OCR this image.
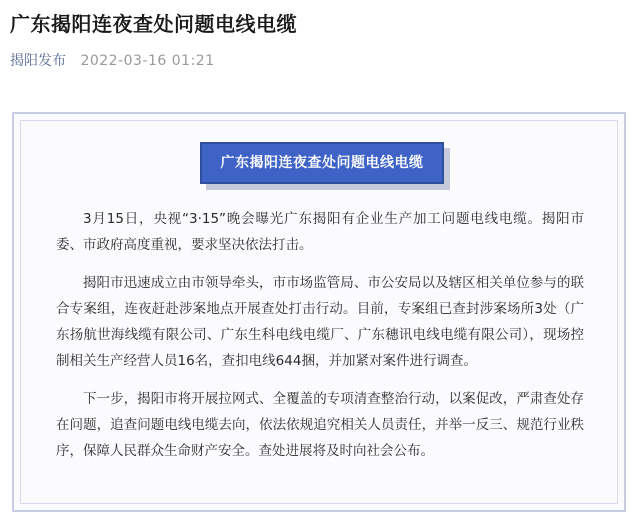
广东揭阳连夜查处问题电线电缆
揭阳发布 2022-03-16 01:21
广东揭阳连夜查处问题电线电缆

3月15日，央视“3·15”晚会曝光广东揭阳有企业生产加工问题电线电缆。揭阳市委、市政府高度重视，要求坚决依法打击。

揭阳市迅速成立由市领导牵头，市市场监管局、市公安局以及辖区相关单位参与的联合专案组，连夜赶赴涉案地点开展查处打击行动。目前，专案组已查封涉案场所3处（广东扬航世海线缆有限公司、广东生科电线电缆厂、广东穗讯电线电缆有限公司），现场控制相关生产经营人员16名，查扣电线644捆，并加紧对案件进行调查。

下一步，揭阳市将开展拉网式、全覆盖的专项清查整治行动，以案促改，严肃查处存在问题，追查问题电线电缆去向，依法依规追究相关人员责任，并举一反三、规范行业秩序，保障人民群众生命财产安全。查处进展将及时向社会公布。
